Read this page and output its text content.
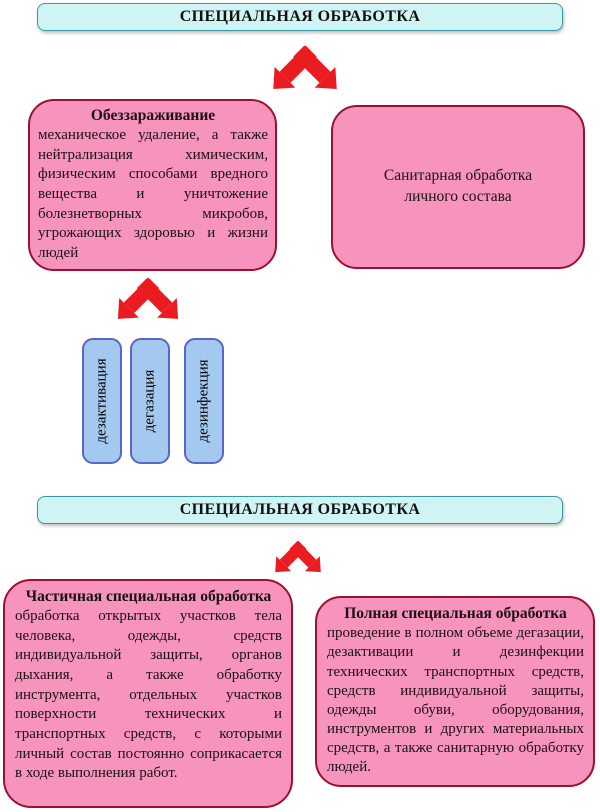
СПЕЦИАЛЬНАЯ ОБРАБОТКА
Обеззараживание
механическое удаление, а также нейтрализация химическим, физическим способами вредного вещества и уничтожение болезнетворных микробов, угрожающих здоровью и жизни людей
Санитарная обработка личного состава
дезактивация дегазация	дезинфекция
СПЕЦИАЛЬНАЯ ОБРАБОТКА
Частичная специальная обработка
обработка открытых участков тела человека, одежды, средств индивидуальной защиты, органов дыхания, а также обработку инструмента, отдельных участков поверхности технических и транспортных средств, с которыми личный состав постоянно соприкасается в ходе выполнения работ.
Полная специальная обработка
проведение в полном объеме дегазации, дезактивации и дезинфекции технических транспортных средств, средств индивидуальной защиты, одежды обуви, оборудования, инструментов и других материальных средств, а также санитарную обработку людей.
